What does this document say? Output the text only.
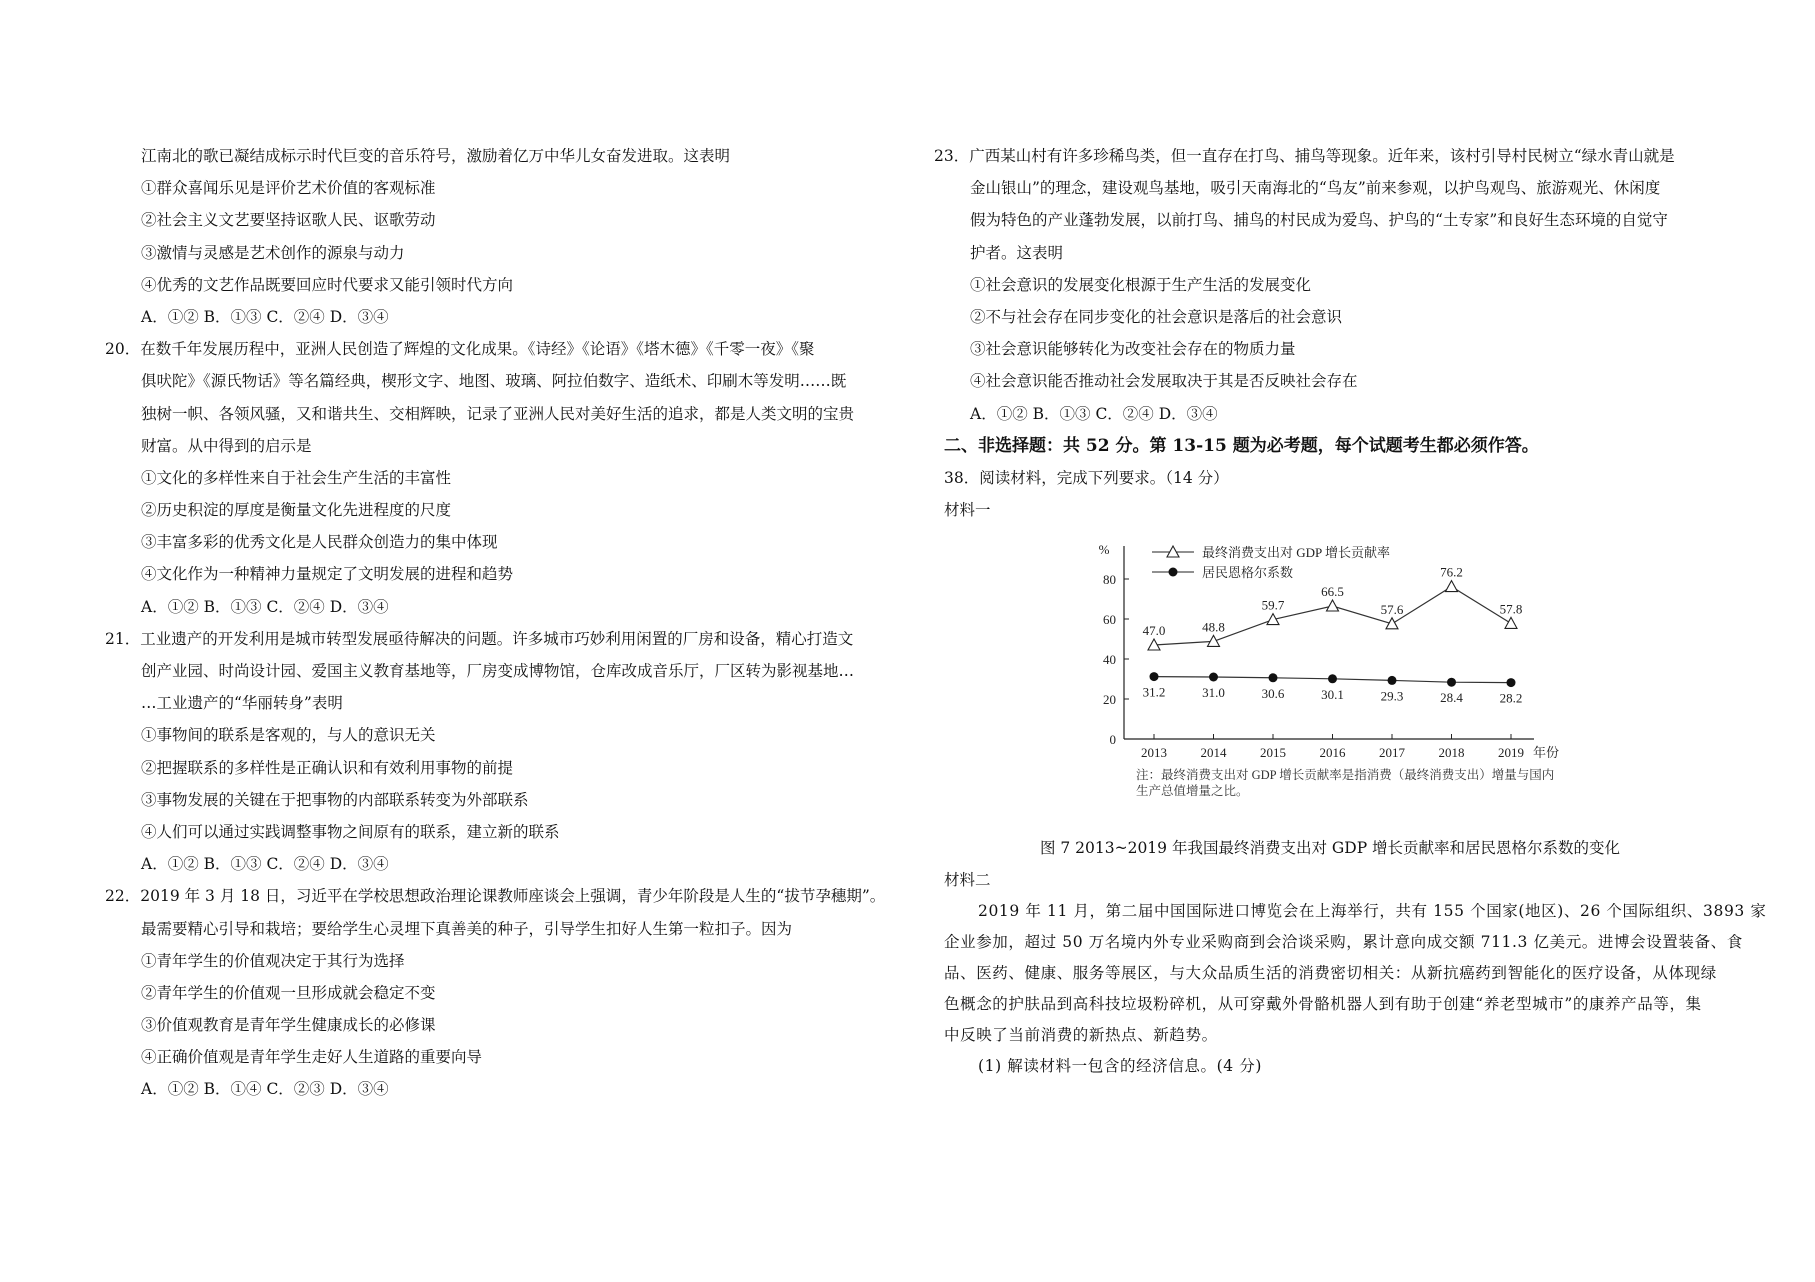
江南北的歌已凝结成标示时代巨变的音乐符号，激励着亿万中华儿女奋发进取。这表明
①群众喜闻乐见是评价艺术价值的客观标准
②社会主义文艺要坚持讴歌人民、讴歌劳动
③激情与灵感是艺术创作的源泉与动力
④优秀的文艺作品既要回应时代要求又能引领时代方向
A．①② B．①③ C．②④ D．③④
20．在数千年发展历程中，亚洲人民创造了辉煌的文化成果。《诗经》《论语》《塔木德》《千零一夜》《聚
俱吠陀》《源氏物话》等名篇经典，楔形文字、地图、玻璃、阿拉伯数字、造纸术、印刷木等发明……既
独树一帜、各领风骚，又和谐共生、交相辉映，记录了亚洲人民对美好生活的追求，都是人类文明的宝贵
财富。从中得到的启示是
①文化的多样性来自于社会生产生活的丰富性
②历史积淀的厚度是衡量文化先进程度的尺度
③丰富多彩的优秀文化是人民群众创造力的集中体现
④文化作为一种精神力量规定了文明发展的进程和趋势
A．①② B．①③ C．②④ D．③④
21．工业遗产的开发利用是城市转型发展亟待解决的问题。许多城市巧妙利用闲置的厂房和设备，精心打造文
创产业园、时尚设计园、爱国主义教育基地等，厂房变成博物馆，仓库改成音乐厅，厂区转为影视基地…
…工业遗产的“华丽转身”表明
①事物间的联系是客观的，与人的意识无关
②把握联系的多样性是正确认识和有效利用事物的前提
③事物发展的关键在于把事物的内部联系转变为外部联系
④人们可以通过实践调整事物之间原有的联系，建立新的联系
A．①② B．①③ C．②④ D．③④
22．2019 年 3 月 18 日，习近平在学校思想政治理论课教师座谈会上强调，青少年阶段是人生的“拔节孕穗期”。
最需要精心引导和栽培；要给学生心灵埋下真善美的种子，引导学生扣好人生第一粒扣子。因为
①青年学生的价值观决定于其行为选择
②青年学生的价值观一旦形成就会稳定不变
③价值观教育是青年学生健康成长的必修课
④正确价值观是青年学生走好人生道路的重要向导
A．①② B．①④ C．②③ D．③④
23．广西某山村有许多珍稀鸟类，但一直存在打鸟、捕鸟等现象。近年来，该村引导村民树立“绿水青山就是
金山银山”的理念，建设观鸟基地，吸引天南海北的“鸟友”前来参观，以护鸟观鸟、旅游观光、休闲度
假为特色的产业蓬勃发展，以前打鸟、捕鸟的村民成为爱鸟、护鸟的“土专家”和良好生态环境的自觉守
护者。这表明
①社会意识的发展变化根源于生产生活的发展变化
②不与社会存在同步变化的社会意识是落后的社会意识
③社会意识能够转化为改变社会存在的物质力量
④社会意识能否推动社会发展取决于其是否反映社会存在
A．①② B．①③ C．②④ D．③④
二、非选择题：共 52 分。第 13-15 题为必考题，每个试题考生都必须作答。
38．阅读材料，完成下列要求。（14 分）
材料一
0
20
40
60
80
%
2013	2014	2015	2016	2017	2018	2019 年份
47.0	48.8
59.7
66.5
57.6
76.2
57.8
31.2	31.0	30.6	30.1	29.3	28.4	28.2
最终消费支出对 GDP 增长贡献率
居民恩格尔系数
注：最终消费支出对 GDP 增长贡献率是指消费（最终消费支出）增量与国内
生产总值增量之比。
图 7 2013~2019 年我国最终消费支出对 GDP 增长贡献率和居民恩格尔系数的变化
材料二
2019 年 11 月，第二届中国国际进口博览会在上海举行，共有 155 个国家(地区)、26 个国际组织、3893 家
企业参加，超过 50 万名境内外专业采购商到会洽谈采购，累计意向成交额 711.3 亿美元。进博会设置装备、食
品、医药、健康、服务等展区，与大众品质生活的消费密切相关：从新抗癌药到智能化的医疗设备，从体现绿
色概念的护肤品到高科技垃圾粉碎机，从可穿戴外骨骼机器人到有助于创建“养老型城市”的康养产品等，集
中反映了当前消费的新热点、新趋势。
(1) 解读材料一包含的经济信息。(4 分)
